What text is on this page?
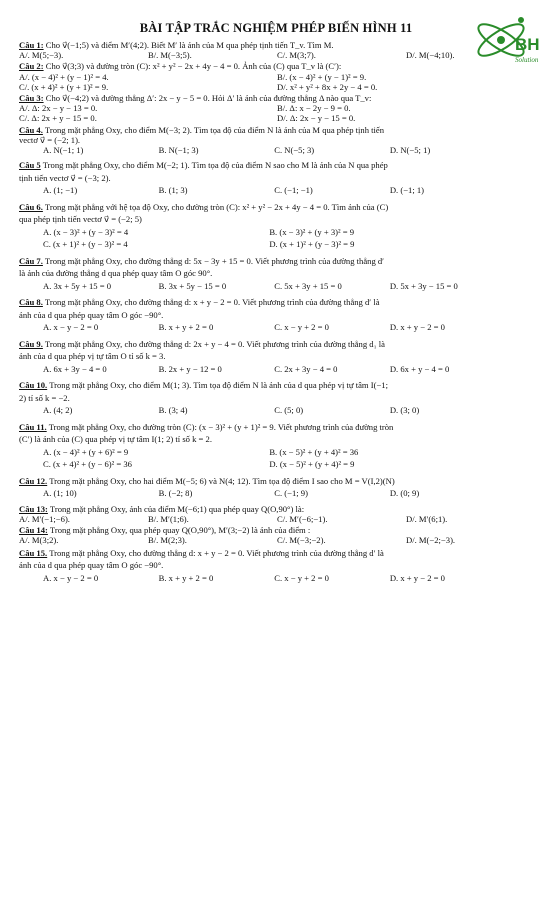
BÀI TẬP TRẮC NGHIỆM PHÉP BIẾN HÌNH 11
BH
Solution
Câu 1: Cho v⃗(−1;5) và điểm M′(4;2). Biết M′ là ảnh của M qua phép tịnh tiến T_v. Tìm M.
A/. M(5;−3).	B/. M(−3;5).	C/. M(3;7).	D/. M(−4;10).
Câu 2: Cho v⃗(3;3) và đường tròn (C): x² + y² − 2x + 4y − 4 = 0. Ảnh của (C) qua T_v là (C′):
A/. (x − 4)² + (y − 1)² = 4.	B/. (x − 4)² + (y − 1)² = 9.
C/. (x + 4)² + (y + 1)² = 9.	D/. x² + y² + 8x + 2y − 4 = 0.
Câu 3: Cho v⃗(−4;2) và đường thẳng Δ′: 2x − y − 5 = 0. Hỏi Δ′ là ảnh của đường thẳng Δ nào qua T_v:
A/. Δ: 2x − y − 13 = 0.	B/. Δ: x − 2y − 9 = 0.
C/. Δ: 2x + y − 15 = 0.	D/. Δ: 2x − y − 15 = 0.
Câu 4. Trong mặt phẳng Oxy, cho điểm M(−3; 2). Tìm tọa độ của điểm N là ảnh của M qua phép tịnh tiến
vectơ v⃗ = (−2; 1).
A. N(−1; 1)	B. N(−1; 3)	C. N(−5; 3)	D. N(−5; 1)
Câu 5 Trong mặt phẳng Oxy, cho điểm M(−2; 1). Tìm tọa độ của điểm N sao cho M là ảnh của N qua phép
tịnh tiến vectơ v⃗ = (−3; 2).
A. (1; −1)	B. (1; 3)	C. (−1; −1)	D. (−1; 1)
Câu 6. Trong mặt phẳng với hệ tọa độ Oxy, cho đường tròn (C): x² + y² − 2x + 4y − 4 = 0. Tìm ảnh của (C)
qua phép tịnh tiến vectơ v⃗ = (−2; 5)
A. (x − 3)² + (y − 3)² = 4	B. (x − 3)² + (y + 3)² = 9
C. (x + 1)² + (y − 3)² = 4	D. (x + 1)² + (y − 3)² = 9
Câu 7. Trong mặt phẳng Oxy, cho đường thẳng d: 5x − 3y + 15 = 0. Viết phương trình của đường thẳng d′
là ảnh của đường thẳng d qua phép quay tâm O góc 90°.
A. 3x + 5y + 15 = 0	B. 3x + 5y − 15 = 0	C. 5x + 3y + 15 = 0	D. 5x + 3y − 15 = 0
Câu 8. Trong mặt phẳng Oxy, cho đường thẳng d: x + y − 2 = 0. Viết phương trình của đường thẳng d′ là
ảnh của d qua phép quay tâm O góc −90°.
A. x − y − 2 = 0	B. x + y + 2 = 0	C. x − y + 2 = 0	D. x + y − 2 = 0
Câu 9. Trong mặt phẳng Oxy, cho đường thẳng d: 2x + y − 4 = 0. Viết phương trình của đường thẳng d₁ là
ảnh của d qua phép vị tự tâm O tỉ số k = 3.
A. 6x + 3y − 4 = 0	B. 2x + y − 12 = 0	C. 2x + 3y − 4 = 0	D. 6x + y − 4 = 0
Câu 10. Trong mặt phẳng Oxy, cho điểm M(1; 3). Tìm tọa độ điểm N là ảnh của d qua phép vị tự tâm I(−1;
2) tỉ số k = −2.
A. (4; 2)	B. (3; 4)	C. (5; 0)	D. (3; 0)
Câu 11. Trong mặt phẳng Oxy, cho đường tròn (C): (x − 3)² + (y + 1)² = 9. Viết phương trình của đường tròn
(C′) là ảnh của (C) qua phép vị tự tâm I(1; 2) tỉ số k = 2.
A. (x − 4)² + (y + 6)² = 9	B. (x − 5)² + (y + 4)² = 36
C. (x + 4)² + (y − 6)² = 36	D. (x − 5)² + (y + 4)² = 9
Câu 12. Trong mặt phẳng Oxy, cho hai điểm M(−5; 6) và N(4; 12). Tìm tọa độ điểm I sao cho M = V(I,2)(N)
A. (1; 10)	B. (−2; 8)	C. (−1; 9)	D. (0; 9)
Câu 13: Trong mặt phẳng Oxy, ảnh của điểm M(−6;1) qua phép quay Q(O,90°) là:
A/. M′(−1;−6).	B/. M′(1;6).	C/. M′(−6;−1).	D/. M′(6;1).
Câu 14: Trong mặt phẳng Oxy, qua phép quay Q(O,90°), M′(3;−2) là ảnh của điểm :
A/. M(3;2).	B/. M(2;3).	C/. M(−3;−2).	D/. M(−2;−3).
Câu 15. Trong mặt phẳng Oxy, cho đường thẳng d: x + y − 2 = 0. Viết phương trình của đường thẳng d′ là
ảnh của d qua phép quay tâm O góc −90°.
A. x − y − 2 = 0	B. x + y + 2 = 0	C. x − y + 2 = 0	D. x + y − 2 = 0
